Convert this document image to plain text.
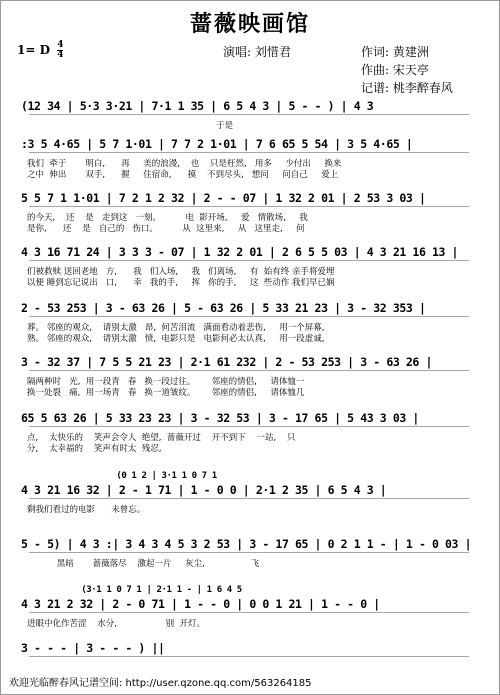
蔷薇映画馆
1= D $\frac{4}{4}$	演唱: 刘惜君	作词: 黄建洲
作曲: 宋天亭
记谱: 桃李醉春风
(12 34 | 5·3 3·21 | 7·1 1 35 | 6 5 4 3 | 5 - - ) | 4 3
于是
:3 5 4·65 | 5 7 1·01 | 7 7 2 1·01 | 7 6 65 5 54 | 3 5 4·65 |
我们  牵于       明白,      再     美的浪漫,    也    只是枉然,   用多     少付出     换来
之中  伸出       双手,      握     住宿命,      摸    不到尽头,   想问     问自己     爱上
5 5 7 1 1·01 | 7 2 1 2 32 | 2 - - 07 | 1 32 2 01 | 2 53 3 03 |
的今天,    还    是   走到这   一刻。         电  影开场,     爱   情散场,     我
是你,      还    是   自己的   伤口。         从  这里来,     从   这里走,     何
4 3 16 71 24 | 3 3 3 - 07 | 1 32 2 01 | 2 6 5 5 03 | 4 3 21 16 13 |
们被救赎 送回老地   方,      我   们入场,     我   们离场,     有  始有终 亲手将爱埋
以便 睡到忘记说出   口,      幸   我的手,     挥   你的手,     这  些动作 我们早已娴
2 - 53 253 | 3 - 63 26 | 5 - 63 26 | 5 33 21 23 | 3 - 32 353 |
葬。 邻座的观众,    请别太激   昂,  何苦泪流   满面看动着悲伤,     用一个屏幕,
熟。 邻座的观众,    请别太激   愤,  电影只是   电影何必太认真,     用一段虚诚,
3 - 32 37 | 7 5 5 21 23 | 2·1 61 232 | 2 - 53 253 | 3 - 63 26 |
隔两种时   光,  用一段青   春   换一段过往。      邻座的情侣,     请体恤一
换一处裂   痛,  用一场青   春   换一道皱纹。      邻座的情侣,     请体恤几
65 5 63 26 | 5 33 23 23 | 3 - 32 53 | 3 - 17 65 | 5 43 3 03 |
点,    太快乐的    笑声会令人  绝望,  蔷薇开过    开不到下    一站,    只
分,    太幸福的    笑声有时太  残忍,
(0 1 2 | 3·1 1 0 7 1
4 3 21 16 32 | 2 - 1 71 | 1 - 0 0 | 2·1 2 35 | 6 5 4 3 |
剩我们看过的电影      未曾忘。
5 - 5) | 4 3 :| 3 4 3 4 5 3 2 53 | 3 - 17 65 | 0 2 1 1 - | 1 - 0 03 |
黑暗       蔷薇落尽    激起一片     灰尘,                 飞
(3·1 1 0 7 1 | 2·1 1 - | 1 6 4 5
4 3 21 2 32 | 2 - 0 71 | 1 - - 0 | 0 0 1 21 | 1 - - 0 |
进眼中化作苦涩    水分,                  别  开灯。
3 - - - | 3 - - - ) ||
欢迎光临醉春风记谱空间: http://user.qzone.qq.com/563264185
